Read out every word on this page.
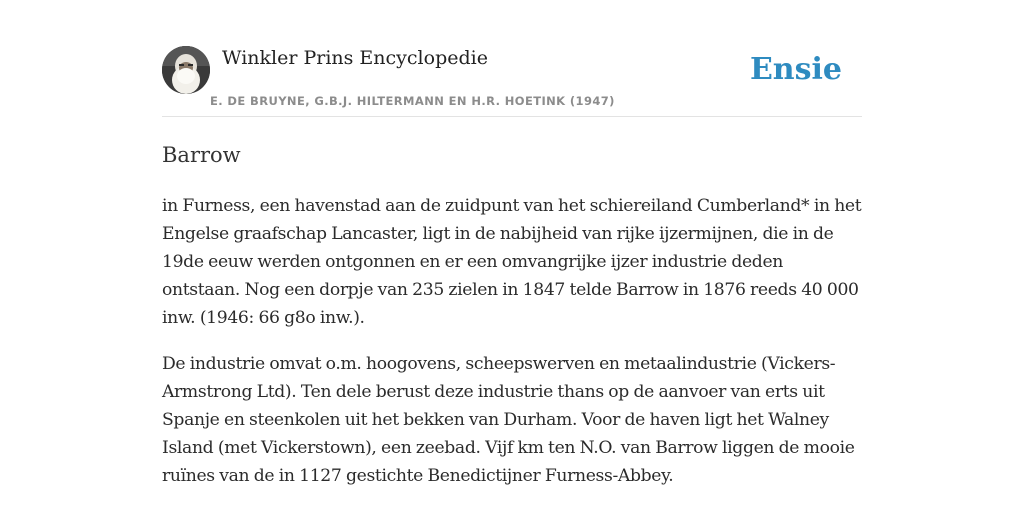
Winkler Prins Encyclopedie
E. DE BRUYNE, G.B.J. HILTERMANN EN H.R. HOETINK (1947)
Ensie
Barrow

in Furness, een havenstad aan de zuidpunt van het schiereiland Cumberland* in het Engelse graafschap Lancaster, ligt in de nabijheid van rijke ijzermijnen, die in de 19de eeuw werden ontgonnen en er een omvangrijke ijzer industrie deden ontstaan. Nog een dorpje van 235 zielen in 1847 telde Barrow in 1876 reeds 40 000 inw. (1946: 66 g8o inw.).

De industrie omvat o.m. hoogovens, scheepswerven en metaalindustrie (Vickers-Armstrong Ltd). Ten dele berust deze industrie thans op de aanvoer van erts uit Spanje en steenkolen uit het bekken van Durham. Voor de haven ligt het Walney Island (met Vickerstown), een zeebad. Vijf km ten N.O. van Barrow liggen de mooie ruïnes van de in 1127 gestichte Benedictijner Furness-Abbey.
